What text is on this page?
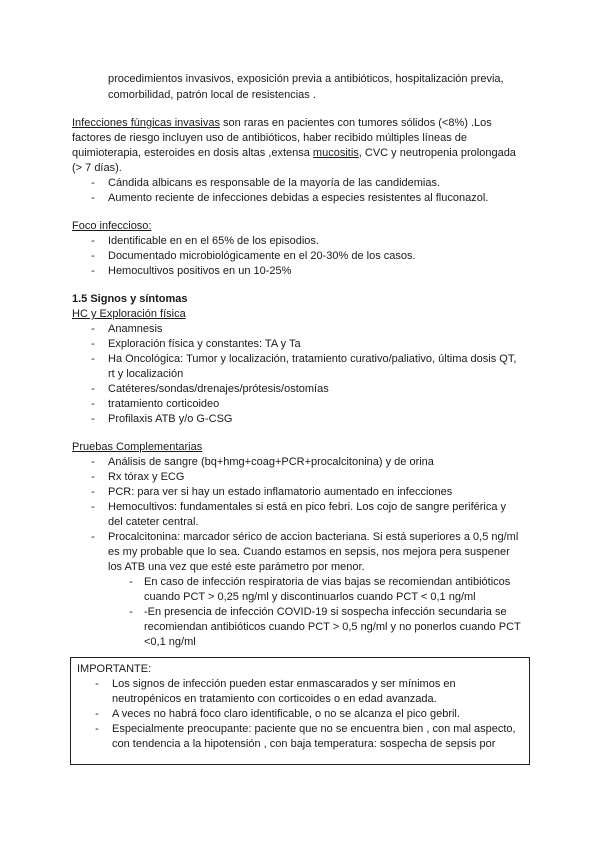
procedimientos invasivos, exposición previa a antibióticos, hospitalización previa,
comorbilidad, patrón local de resistencias .
Infecciones fúngicas invasivas son raras en pacientes con tumores sólidos (<8%) .Los
factores de riesgo incluyen uso de antibióticos, haber recibido múltiples líneas de
quimioterapia, esteroides en dosis altas ,extensa mucositis, CVC y neutropenia prolongada
(> 7 días).
- Cándida albicans es responsable de la mayoría de las candidemias.
- Aumento reciente de infecciones debidas a especies resistentes al fluconazol.
Foco infeccioso:
- Identificable en en el 65% de los episodios.
- Documentado microbiológicamente en el 20-30% de los casos.
- Hemocultivos positivos en un 10-25%
1.5 Signos y síntomas
HC y Exploración física
- Anamnesis
- Exploración física y constantes: TA y Ta
- Ha Oncológica: Tumor y localización, tratamiento curativo/paliativo, última dosis QT,
rt y localización
- Catéteres/sondas/drenajes/prótesis/ostomías
- tratamiento corticoideo
- Profilaxis ATB y/o G-CSG
Pruebas Complementarias
- Análisis de sangre (bq+hmg+coag+PCR+procalcitonina) y de orina
- Rx tórax y ECG
- PCR: para ver si hay un estado inflamatorio aumentado en infecciones
- Hemocultivos: fundamentales si está en pico febri. Los cojo de sangre periférica y
del cateter central.
- Procalcitonina: marcador sérico de accion bacteriana. Si está superiores a 0,5 ng/ml
es my probable que lo sea. Cuando estamos en sepsis, nos mejora pera suspener
los ATB una vez que esté este parámetro por menor.
- En caso de infección respiratoria de vias bajas se recomiendan antibióticos
cuando PCT > 0,25 ng/ml y discontinuarlos cuando PCT < 0,1 ng/ml
- -En presencia de infección COVID-19 si sospecha infección secundaria se
recomiendan antibióticos cuando PCT > 0,5 ng/ml y no ponerlos cuando PCT
<0,1 ng/ml
IMPORTANTE:
- Los signos de infección pueden estar enmascarados y ser mínimos en
neutropénicos en tratamiento con corticoides o en edad avanzada.
- A veces no habrá foco claro identificable, o no se alcanza el pico gebril.
- Especialmente preocupante: paciente que no se encuentra bien , con mal aspecto,
con tendencia a la hipotensión , con baja temperatura: sospecha de sepsis por
